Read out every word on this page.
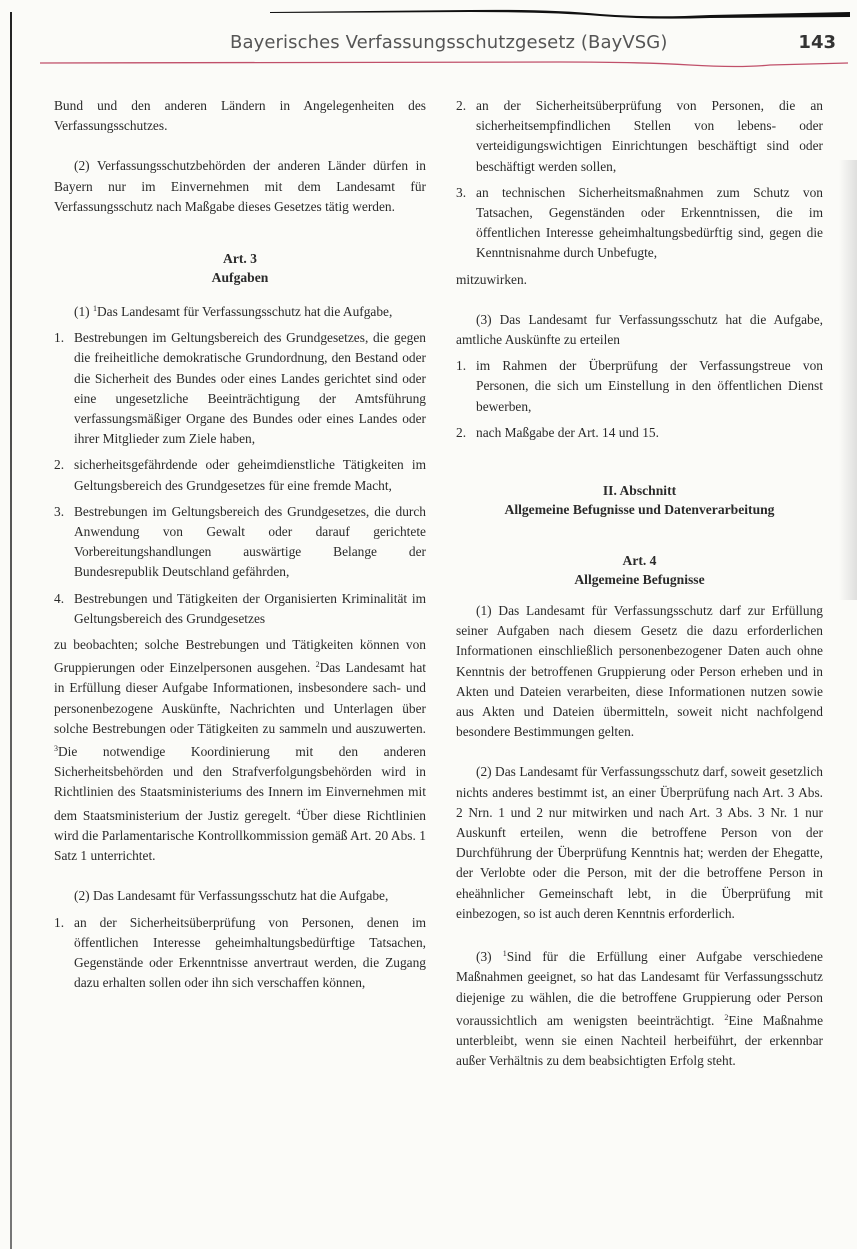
Bayerisches Verfassungsschutzgesetz (BayVSG)	143

Bund und den anderen Ländern in Angelegenheiten des Verfassungsschutzes.

(2) Verfassungsschutzbehörden der anderen Länder dürfen in Bayern nur im Einvernehmen mit dem Landesamt für Verfassungsschutz nach Maßgabe dieses Gesetzes tätig werden.

Art. 3
Aufgaben

(1) $^1$Das Landesamt für Verfassungsschutz hat die Aufgabe,

1. Bestrebungen im Geltungsbereich des Grundgesetzes, die gegen die freiheitliche demokratische Grundordnung, den Bestand oder die Sicherheit des Bundes oder eines Landes gerichtet sind oder eine ungesetzliche Beeinträchtigung der Amtsführung verfassungsmäßiger Organe des Bundes oder eines Landes oder ihrer Mitglieder zum Ziele haben,
2. sicherheitsgefährdende oder geheimdienstliche Tätigkeiten im Geltungsbereich des Grundgesetzes für eine fremde Macht,
3. Bestrebungen im Geltungsbereich des Grundgesetzes, die durch Anwendung von Gewalt oder darauf gerichtete Vorbereitungshandlungen auswärtige Belange der Bundesrepublik Deutschland gefährden,
4. Bestrebungen und Tätigkeiten der Organisierten Kriminalität im Geltungsbereich des Grundgesetzes

zu beobachten; solche Bestrebungen und Tätigkeiten können von Gruppierungen oder Einzelpersonen ausgehen. $^2$Das Landesamt hat in Erfüllung dieser Aufgabe Informationen, insbesondere sach- und personenbezogene Auskünfte, Nachrichten und Unterlagen über solche Bestrebungen oder Tätigkeiten zu sammeln und auszuwerten. $^3$Die notwendige Koordinierung mit den anderen Sicherheitsbehörden und den Strafverfolgungsbehörden wird in Richtlinien des Staatsministeriums des Innern im Einvernehmen mit dem Staatsministerium der Justiz geregelt. $^4$Über diese Richtlinien wird die Parlamentarische Kontrollkommission gemäß Art. 20 Abs. 1 Satz 1 unterrichtet.

(2) Das Landesamt für Verfassungsschutz hat die Aufgabe,

1. an der Sicherheitsüberprüfung von Personen, denen im öffentlichen Interesse geheimhaltungsbedürftige Tatsachen, Gegenstände oder Erkenntnisse anvertraut werden, die Zugang dazu erhalten sollen oder ihn sich verschaffen können,
2. an der Sicherheitsüberprüfung von Personen, die an sicherheitsempfindlichen Stellen von lebens- oder verteidigungswichtigen Einrichtungen beschäftigt sind oder beschäftigt werden sollen,
3. an technischen Sicherheitsmaßnahmen zum Schutz von Tatsachen, Gegenständen oder Erkenntnissen, die im öffentlichen Interesse geheimhaltungsbedürftig sind, gegen die Kenntnisnahme durch Unbefugte,

mitzuwirken.

(3) Das Landesamt fur Verfassungsschutz hat die Aufgabe, amtliche Auskünfte zu erteilen

1. im Rahmen der Überprüfung der Verfassungstreue von Personen, die sich um Einstellung in den öffentlichen Dienst bewerben,
2. nach Maßgabe der Art. 14 und 15.
II. Abschnitt
Allgemeine Befugnisse und Datenverarbeitung
Art. 4
Allgemeine Befugnisse

(1) Das Landesamt für Verfassungsschutz darf zur Erfüllung seiner Aufgaben nach diesem Gesetz die dazu erforderlichen Informationen einschließlich personenbezogener Daten auch ohne Kenntnis der betroffenen Gruppierung oder Person erheben und in Akten und Dateien verarbeiten, diese Informationen nutzen sowie aus Akten und Dateien übermitteln, soweit nicht nachfolgend besondere Bestimmungen gelten.

(2) Das Landesamt für Verfassungsschutz darf, soweit gesetzlich nichts anderes bestimmt ist, an einer Überprüfung nach Art. 3 Abs. 2 Nrn. 1 und 2 nur mitwirken und nach Art. 3 Abs. 3 Nr. 1 nur Auskunft erteilen, wenn die betroffene Person von der Durchführung der Überprüfung Kenntnis hat; werden der Ehegatte, der Verlobte oder die Person, mit der die betroffene Person in eheähnlicher Gemeinschaft lebt, in die Überprüfung mit einbezogen, so ist auch deren Kenntnis erforderlich.

(3) $^1$Sind für die Erfüllung einer Aufgabe verschiedene Maßnahmen geeignet, so hat das Landesamt für Verfassungsschutz diejenige zu wählen, die die betroffene Gruppierung oder Person voraussichtlich am wenigsten beeinträchtigt. $^2$Eine Maßnahme unterbleibt, wenn sie einen Nachteil herbeiführt, der erkennbar außer Verhältnis zu dem beabsichtigten Erfolg steht.
